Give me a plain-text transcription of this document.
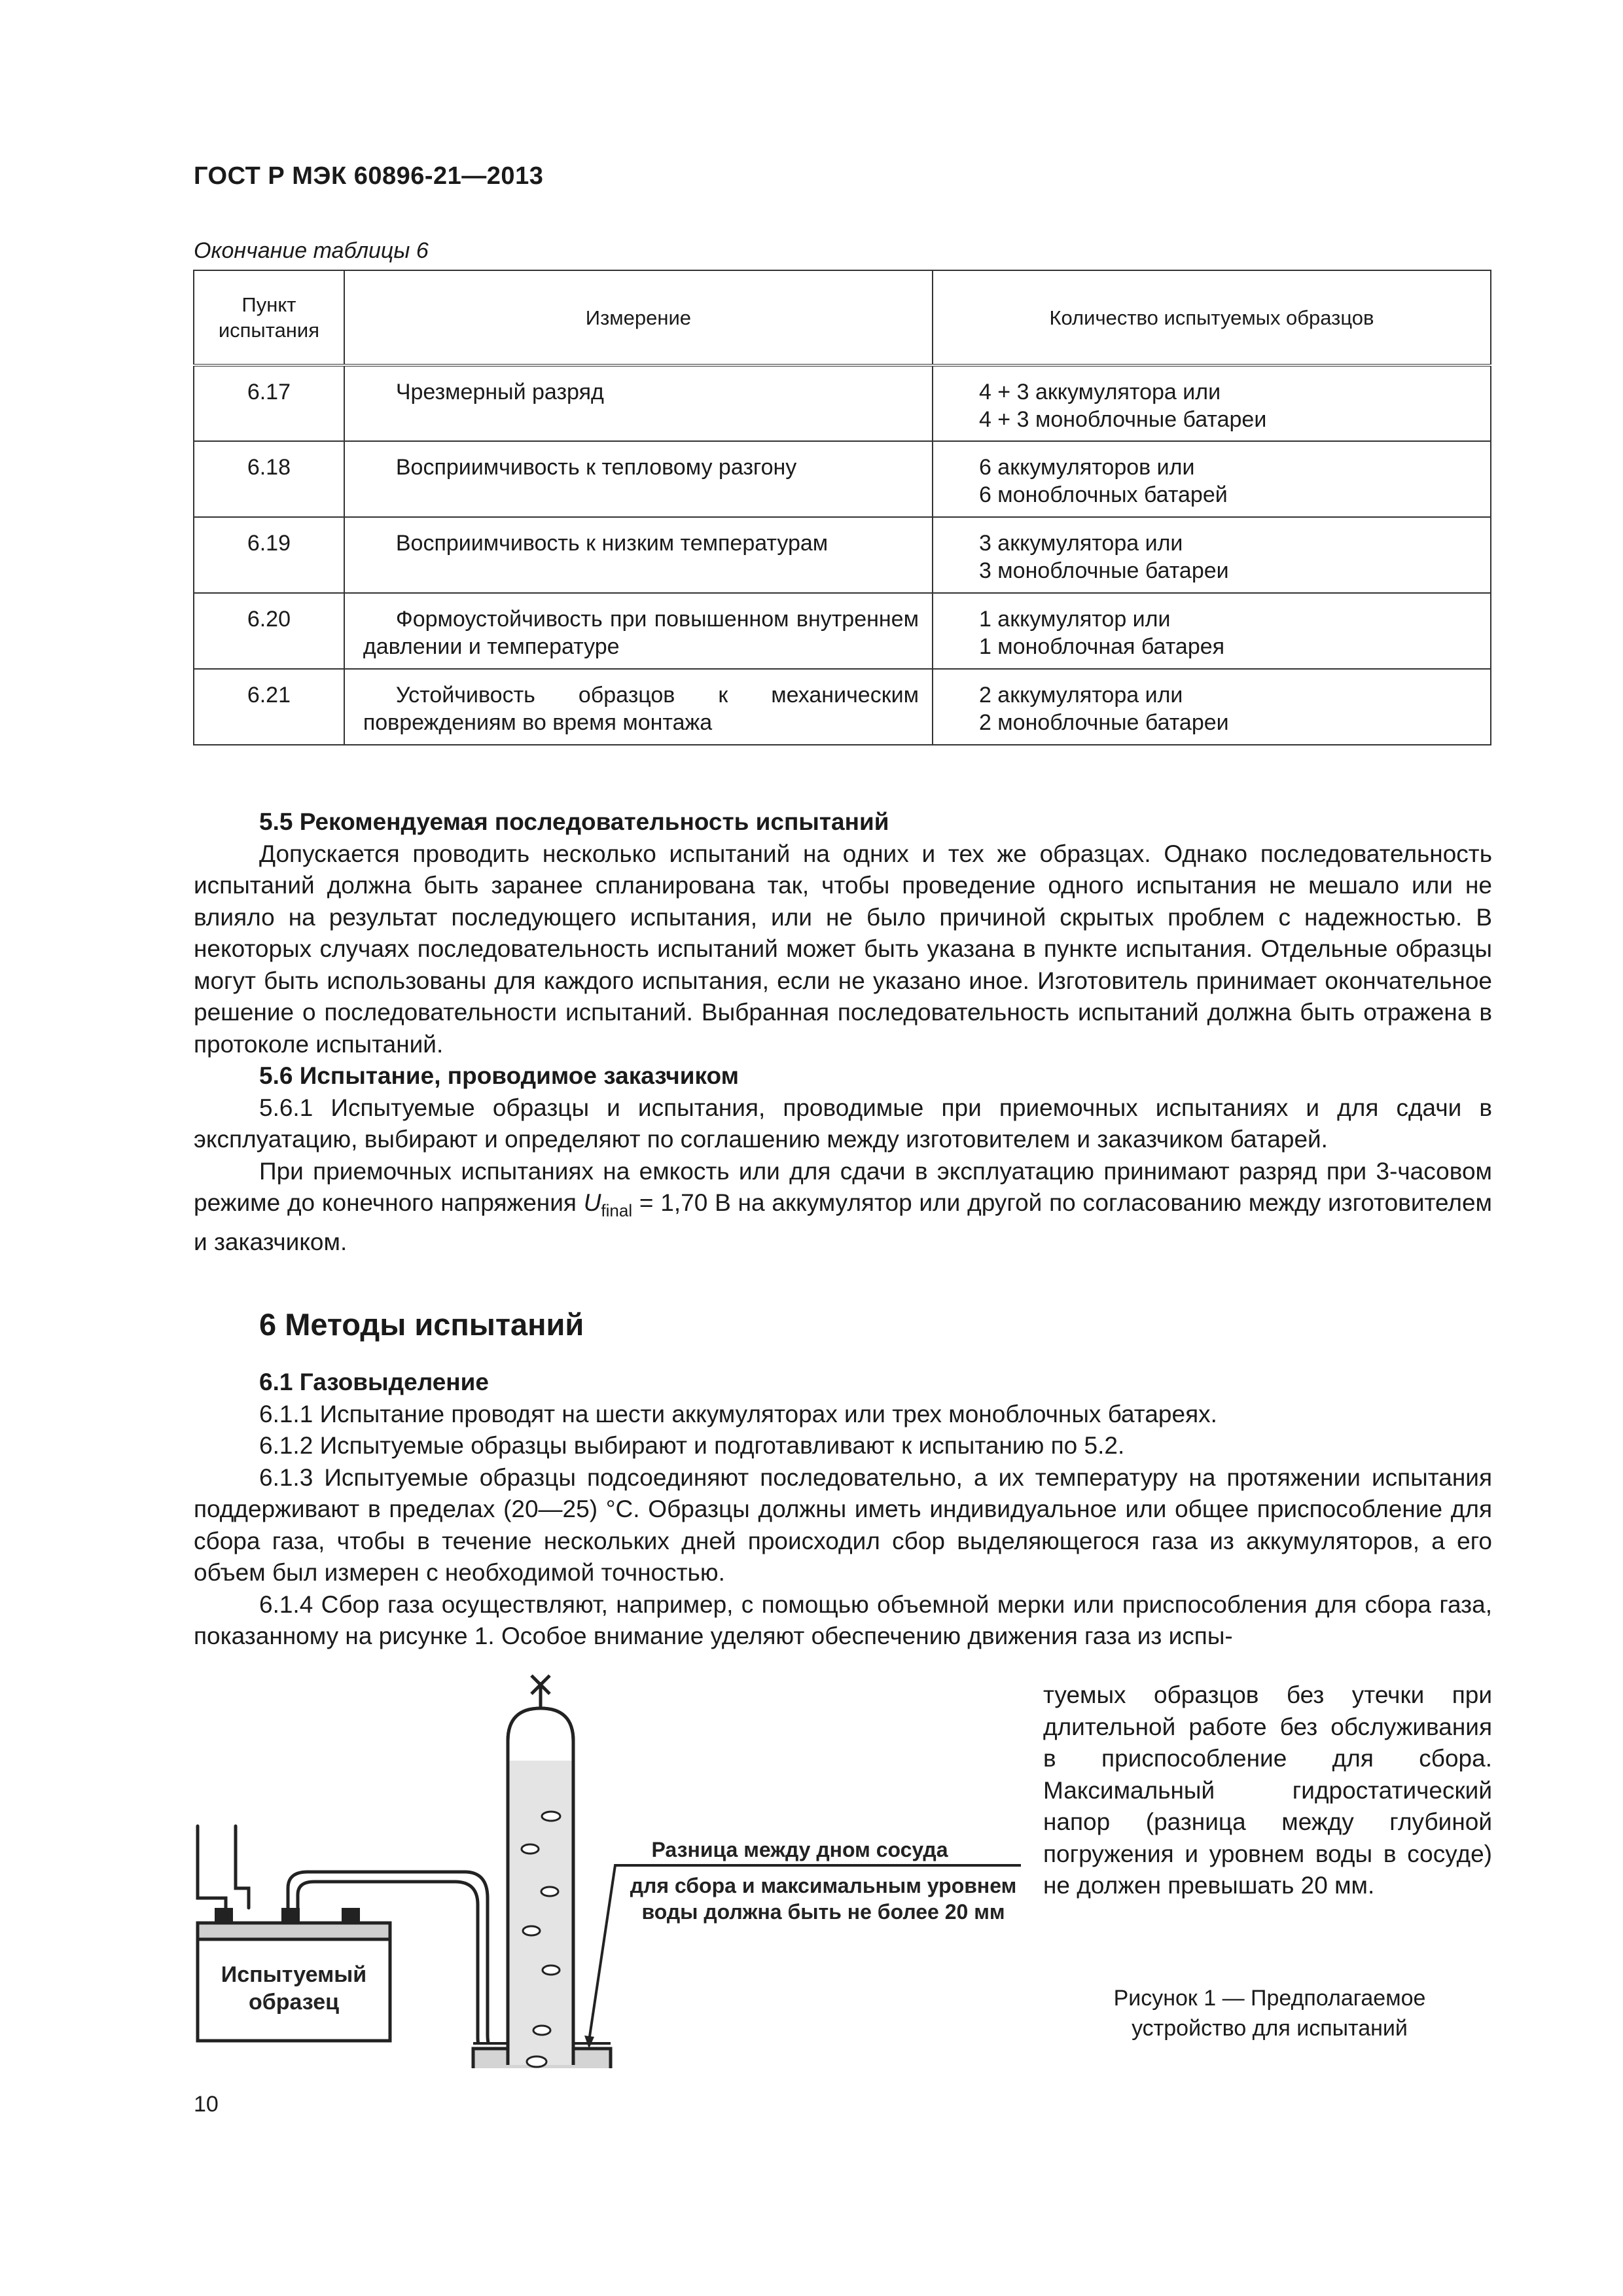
ГОСТ Р МЭК 60896-21—2013
Окончание таблицы 6
Пункт
испытания	Измерение	Количество испытуемых образцов
6.17	Чрезмерный разряд	4 + 3 аккумулятора или
4 + 3 моноблочные батареи

6.18	Восприимчивость к тепловому разгону	6 аккумуляторов или
6 моноблочных батарей

6.19	Восприимчивость к низким температурам	3 аккумулятора или
3 моноблочные батареи

6.20	Формоустойчивость при повышенном внутреннем давлении и температуре	1 аккумулятор или
1 моноблочная батарея

6.21	Устойчивость образцов к механическим повреждениям во время монтажа	2 аккумулятора или
2 моноблочные батареи
5.5 Рекомендуемая последовательность испытаний

Допускается проводить несколько испытаний на одних и тех же образцах. Однако последовательность испытаний должна быть заранее спланирована так, чтобы проведение одного испытания не мешало или не влияло на результат последующего испытания, или не было причиной скрытых проблем с надежностью. В некоторых случаях последовательность испытаний может быть указана в пункте испытания. Отдельные образцы могут быть использованы для каждого испытания, если не указано иное. Изготовитель принимает окончательное решение о последовательности испытаний. Выбранная последовательность испытаний должна быть отражена в протоколе испытаний.

5.6 Испытание, проводимое заказчиком

5.6.1 Испытуемые образцы и испытания, проводимые при приемочных испытаниях и для сдачи в эксплуатацию, выбирают и определяют по соглашению между изготовителем и заказчиком батарей.

При приемочных испытаниях на емкость или для сдачи в эксплуатацию принимают разряд при 3-часовом режиме до конечного напряжения $U_{final} = 1,70$ В на аккумулятор или другой по согласованию между изготовителем и заказчиком.

6 Методы испытаний
6.1 Газовыделение

6.1.1 Испытание проводят на шести аккумуляторах или трех моноблочных батареях.

6.1.2 Испытуемые образцы выбирают и подготавливают к испытанию по 5.2.

6.1.3 Испытуемые образцы подсоединяют последовательно, а их температуру на протяжении испытания поддерживают в пределах (20—25) °С. Образцы должны иметь индивидуальное или общее приспособление для сбора газа, чтобы в течение нескольких дней происходил сбор выделяющегося газа из аккумуляторов, а его объем был измерен с необходимой точностью.

6.1.4 Сбор газа осуществляют, например, с помощью объемной мерки или приспособления для сбора газа, показанному на рисунке 1. Особое внимание уделяют обеспечению движения газа из испы-

туемых образцов без утечки при длительной работе без обслуживания в приспособление для сбора. Максимальный гидростатический напор (разница между глубиной погружения и уровнем воды в сосуде) не должен превышать 20 мм.
Испытуемый
образец
Разница между дном сосуда
для сбора и максимальным уровнем
воды должна быть не более 20 мм
Рисунок 1 — Предполагаемое
устройство для испытаний
10
